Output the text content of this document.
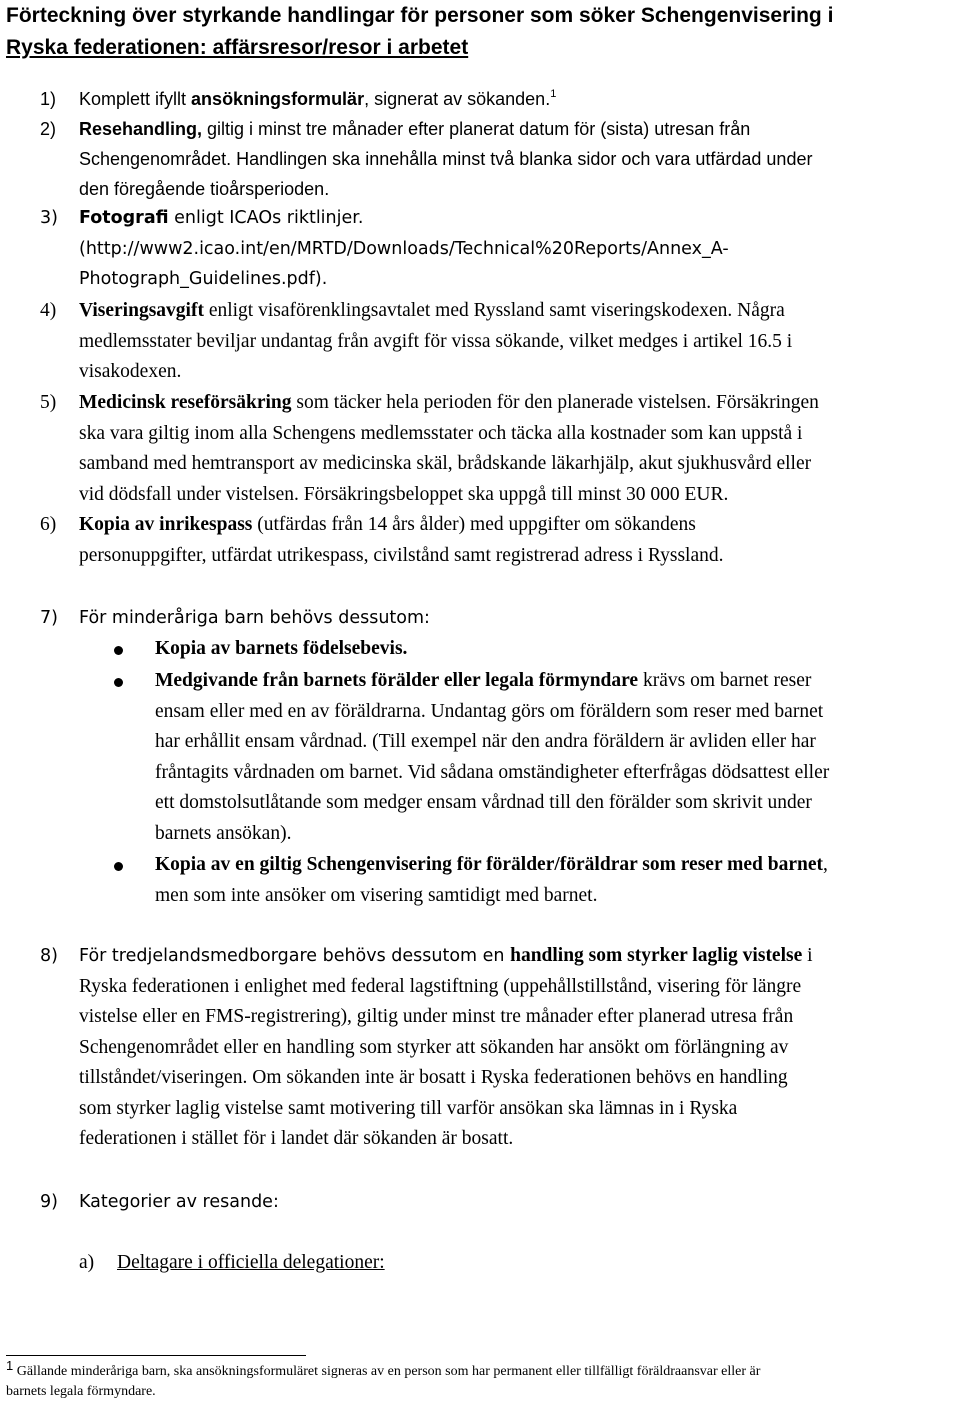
Förteckning över styrkande handlingar för personer som söker Schengenvisering i
Ryska federationen: affärsresor/resor i arbetet
1) Komplett ifyllt ansökningsformulär, signerat av sökanden.$^1$
2) Resehandling, giltig i minst tre månader efter planerat datum för (sista) utresan från
Schengenområdet. Handlingen ska innehålla minst två blanka sidor och vara utfärdad under
den föregående tioårsperioden.
3) Fotografi enligt ICAOs riktlinjer.
(http://www2.icao.int/en/MRTD/Downloads/Technical%20Reports/Annex_A-
Photograph_Guidelines.pdf).
4) Viseringsavgift enligt visaförenklingsavtalet med Ryssland samt viseringskodexen. Några
medlemsstater beviljar undantag från avgift för vissa sökande, vilket medges i artikel 16.5 i
visakodexen.
5) Medicinsk reseförsäkring som täcker hela perioden för den planerade vistelsen. Försäkringen
ska vara giltig inom alla Schengens medlemsstater och täcka alla kostnader som kan uppstå i
samband med hemtransport av medicinska skäl, brådskande läkarhjälp, akut sjukhusvård eller
vid dödsfall under vistelsen. Försäkringsbeloppet ska uppgå till minst 30 000 EUR.
6) Kopia av inrikespass (utfärdas från 14 års ålder) med uppgifter om sökandens
personuppgifter, utfärdat utrikespass, civilstånd samt registrerad adress i Ryssland.
7) För minderåriga barn behövs dessutom:
Kopia av barnets födelsebevis.
Medgivande från barnets förälder eller legala förmyndare krävs om barnet reser
ensam eller med en av föräldrarna. Undantag görs om föräldern som reser med barnet
har erhållit ensam vårdnad. (Till exempel när den andra föräldern är avliden eller har
fråntagits vårdnaden om barnet. Vid sådana omständigheter efterfrågas dödsattest eller
ett domstolsutlåtande som medger ensam vårdnad till den förälder som skrivit under
barnets ansökan).
Kopia av en giltig Schengenvisering för förälder/föräldrar som reser med barnet,
men som inte ansöker om visering samtidigt med barnet.
8) För tredjelandsmedborgare behövs dessutom en handling som styrker laglig vistelse i
Ryska federationen i enlighet med federal lagstiftning (uppehållstillstånd, visering för längre
vistelse eller en FMS-registrering), giltig under minst tre månader efter planerad utresa från
Schengenområdet eller en handling som styrker att sökanden har ansökt om förlängning av
tillståndet/viseringen. Om sökanden inte är bosatt i Ryska federationen behövs en handling
som styrker laglig vistelse samt motivering till varför ansökan ska lämnas in i Ryska
federationen i stället för i landet där sökanden är bosatt.
9) Kategorier av resande:
a) Deltagare i officiella delegationer:
$^1$ Gällande minderåriga barn, ska ansökningsformuläret signeras av en person som har permanent eller tillfälligt föräldraansvar eller är
barnets legala förmyndare.
